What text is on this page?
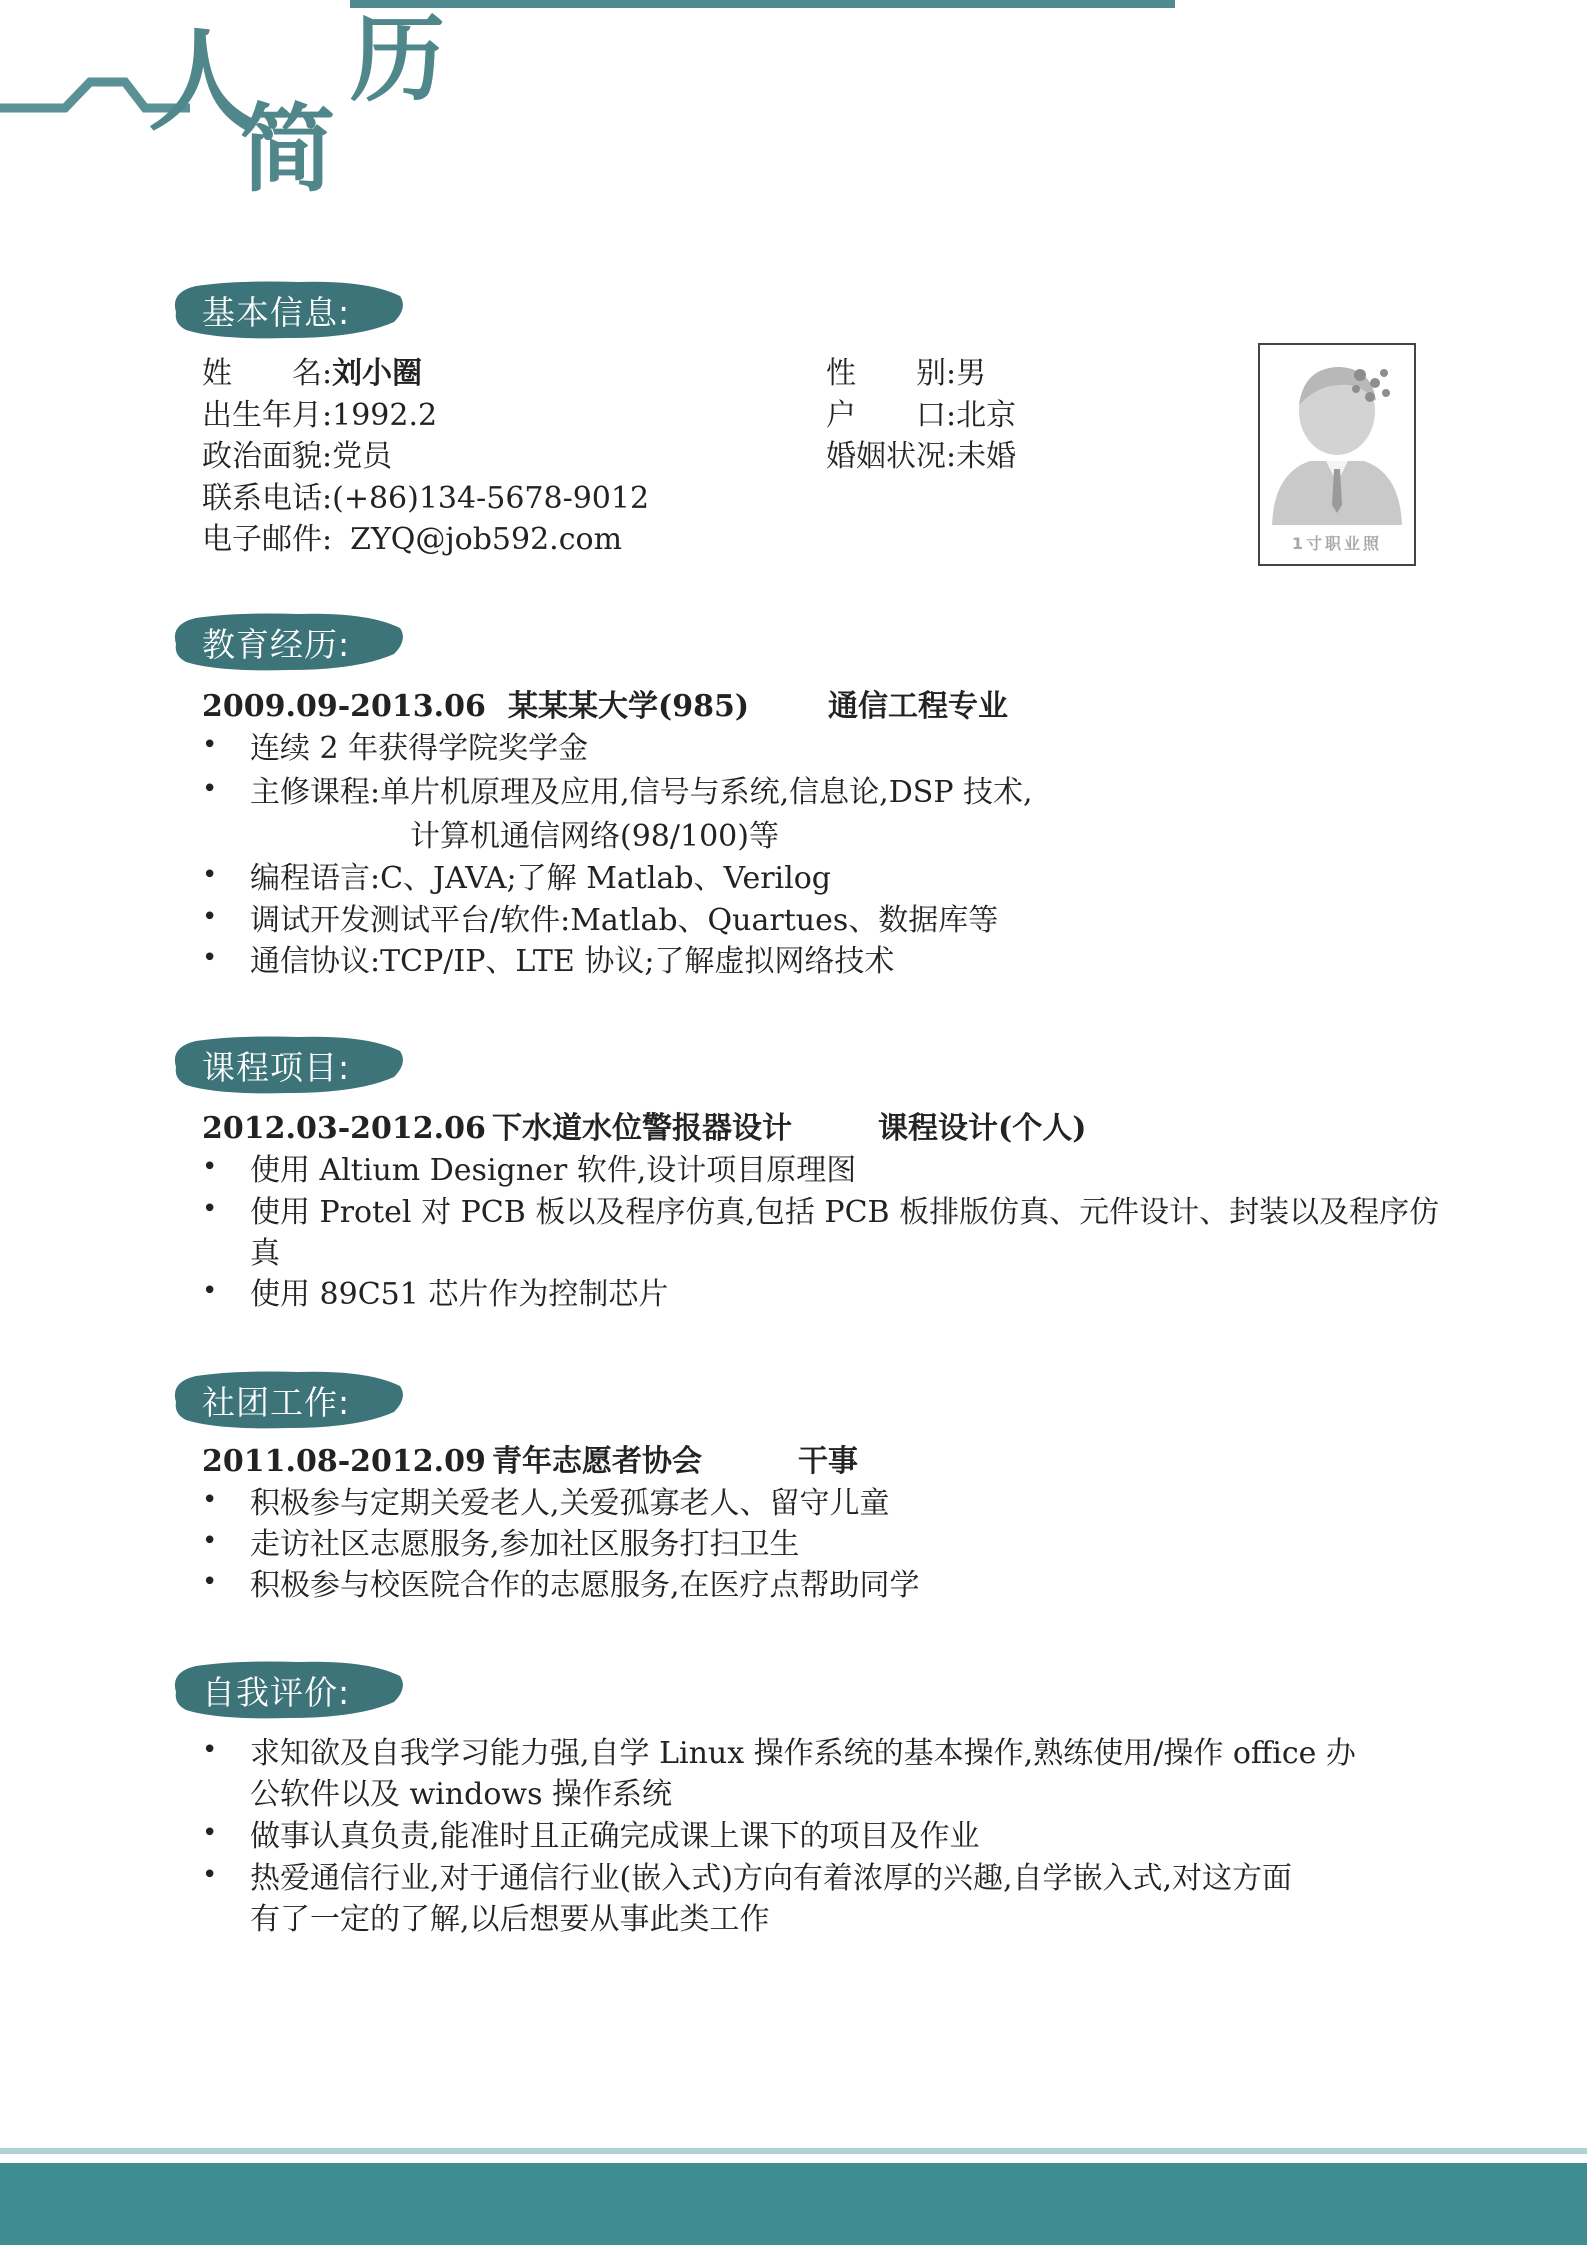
人 历
简
1寸职业照
基本信息:
教育经历:
课程项目:
社团工作:
自我评价:
姓　　名:刘小圈	性　　别:男
出生年月:1992.2	户　　口:北京
政治面貌:党员	婚姻状况:未婚
联系电话:(+86)134-5678-9012
电子邮件: ZYQ@job592.com
2009.09-2013.06 某某某大学(985)	通信工程专业
• 连续 2 年获得学院奖学金
• 主修课程:单片机原理及应用,信号与系统,信息论,DSP 技术,
计算机通信网络(98/100)等
• 编程语言:C、JAVA;了解 Matlab、Verilog
• 调试开发测试平台/软件:Matlab、Quartues、数据库等
• 通信协议:TCP/IP、LTE 协议;了解虚拟网络技术
2012.03-2012.06 下水道水位警报器设计	课程设计(个人)
• 使用 Altium Designer 软件,设计项目原理图
• 使用 Protel 对 PCB 板以及程序仿真,包括 PCB 板排版仿真、元件设计、封装以及程序仿
真
• 使用 89C51 芯片作为控制芯片
2011.08-2012.09 青年志愿者协会	干事
• 积极参与定期关爱老人,关爱孤寡老人、留守儿童
• 走访社区志愿服务,参加社区服务打扫卫生
• 积极参与校医院合作的志愿服务,在医疗点帮助同学
• 求知欲及自我学习能力强,自学 Linux 操作系统的基本操作,熟练使用/操作 office 办
公软件以及 windows 操作系统
• 做事认真负责,能准时且正确完成课上课下的项目及作业
• 热爱通信行业,对于通信行业(嵌入式)方向有着浓厚的兴趣,自学嵌入式,对这方面
有了一定的了解,以后想要从事此类工作
